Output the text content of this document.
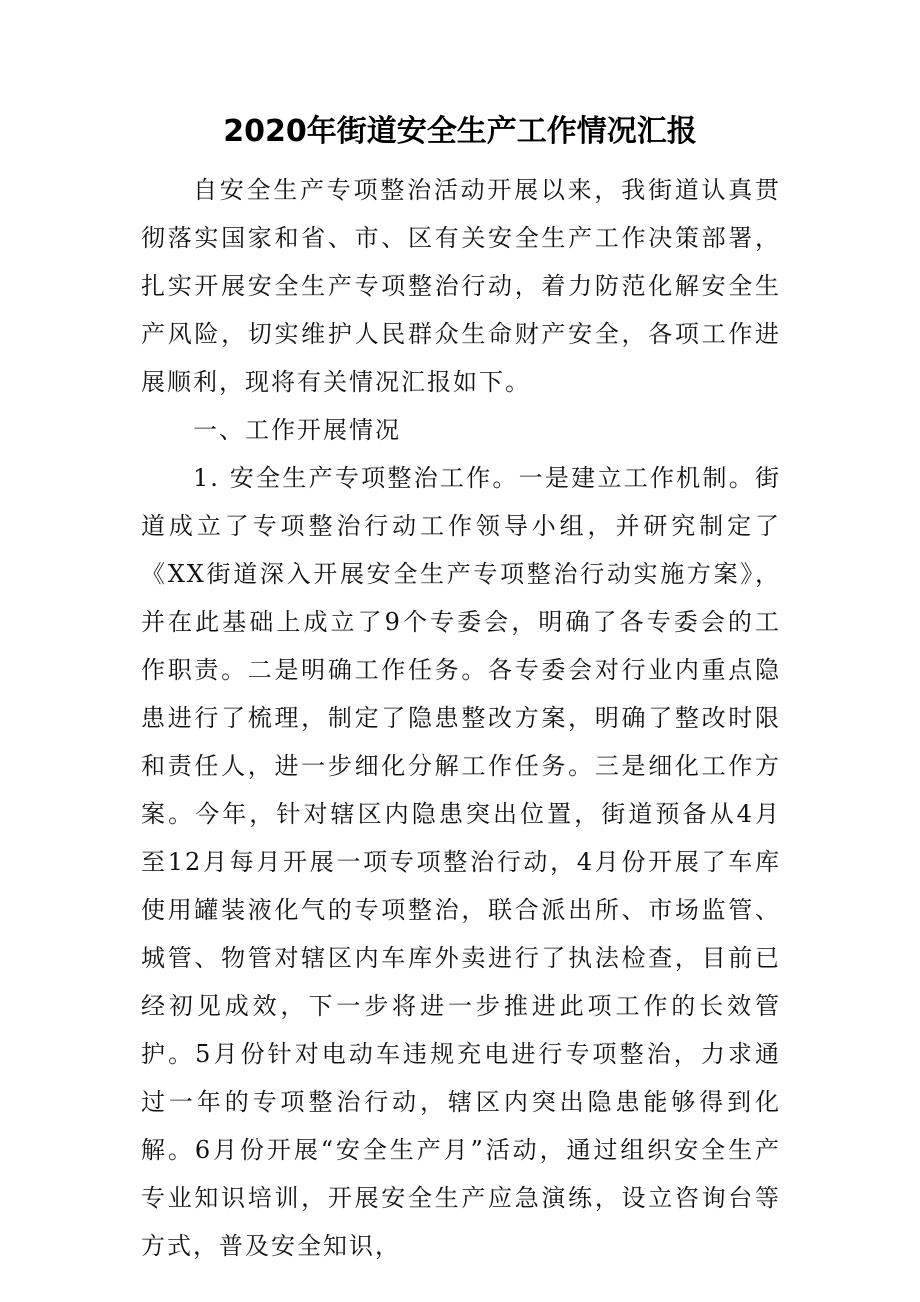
2020年街道安全生产工作情况汇报

自安全生产专项整治活动开展以来，我街道认真贯彻落实国家和省、市、区有关安全生产工作决策部署，扎实开展安全生产专项整治行动，着力防范化解安全生产风险，切实维护人民群众生命财产安全，各项工作进展顺利，现将有关情况汇报如下。

一、工作开展情况

1. 安全生产专项整治工作。一是建立工作机制。街道成立了专项整治行动工作领导小组，并研究制定了《XX街道深入开展安全生产专项整治行动实施方案》，并在此基础上成立了9个专委会，明确了各专委会的工作职责。二是明确工作任务。各专委会对行业内重点隐患进行了梳理，制定了隐患整改方案，明确了整改时限和责任人，进一步细化分解工作任务。三是细化工作方案。今年，针对辖区内隐患突出位置，街道预备从4月至12月每月开展一项专项整治行动，4月份开展了车库使用罐装液化气的专项整治，联合派出所、市场监管、城管、物管对辖区内车库外卖进行了执法检查，目前已经初见成效，下一步将进一步推进此项工作的长效管护。5月份针对电动车违规充电进行专项整治，力求通过一年的专项整治行动，辖区内突出隐患能够得到化解。6月份开展“安全生产月”活动，通过组织安全生产专业知识培训，开展安全生产应急演练，设立咨询台等方式，普及安全知识，
